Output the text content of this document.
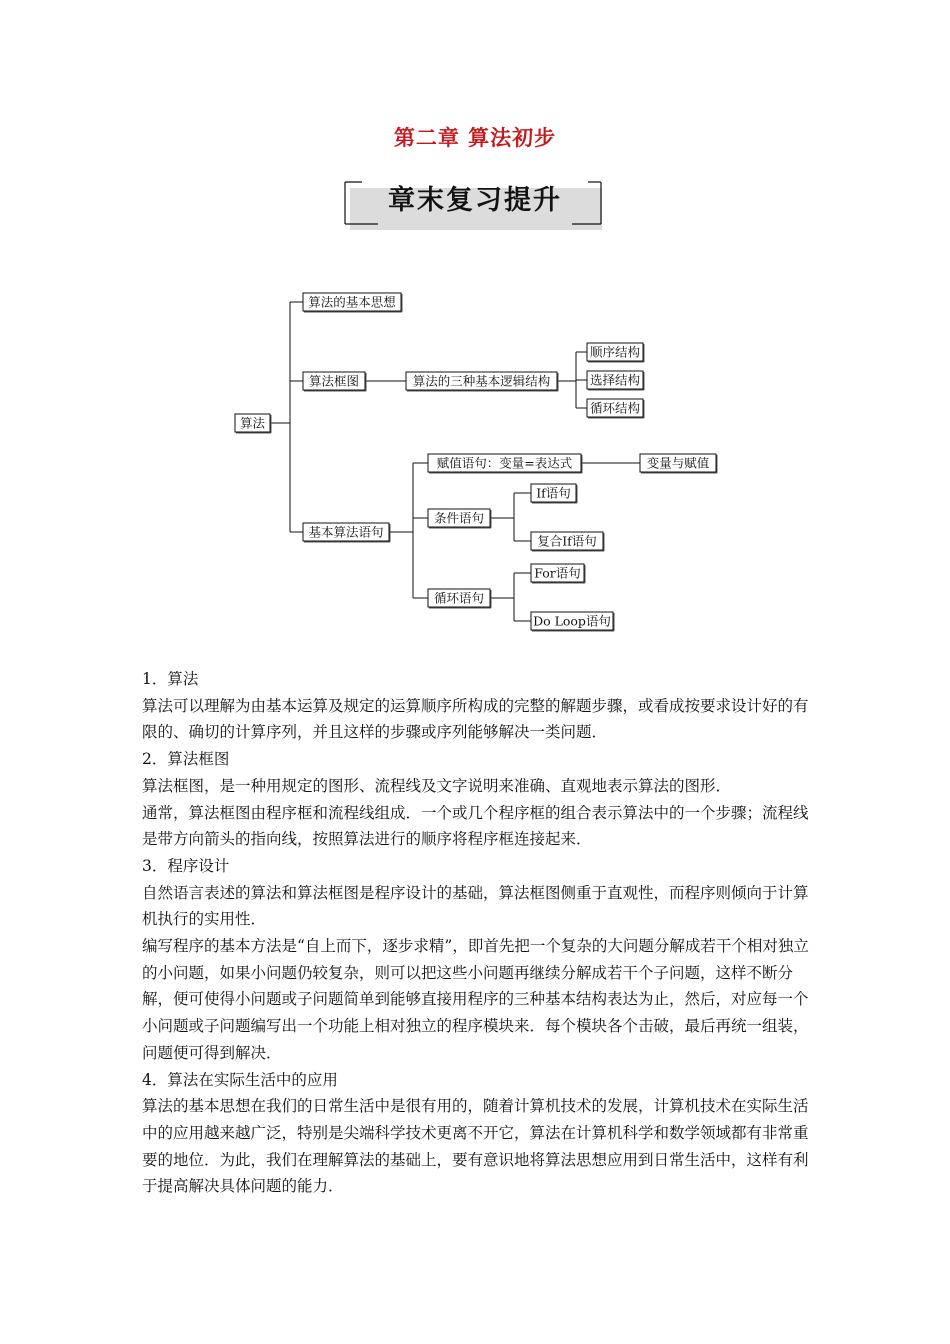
第二章 算法初步
章末复习提升
算法
算法的基本思想
算法框图	算法的三种基本逻辑结构
顺序结构
选择结构
循环结构
基本算法语句
赋值语句：变量=表达式	变量与赋值
条件语句
If语句
复合If语句
循环语句
For语句
Do Loop语句

1．算法

算法可以理解为由基本运算及规定的运算顺序所构成的完整的解题步骤，或看成按要求设计好的有限的、确切的计算序列，并且这样的步骤或序列能够解决一类问题．

2．算法框图

算法框图，是一种用规定的图形、流程线及文字说明来准确、直观地表示算法的图形．

通常，算法框图由程序框和流程线组成．一个或几个程序框的组合表示算法中的一个步骤；流程线是带方向箭头的指向线，按照算法进行的顺序将程序框连接起来．

3．程序设计

自然语言表述的算法和算法框图是程序设计的基础，算法框图侧重于直观性，而程序则倾向于计算机执行的实用性．

编写程序的基本方法是“自上而下，逐步求精”，即首先把一个复杂的大问题分解成若干个相对独立的小问题，如果小问题仍较复杂，则可以把这些小问题再继续分解成若干个子问题，这样不断分解，便可使得小问题或子问题简单到能够直接用程序的三种基本结构表达为止，然后，对应每一个小问题或子问题编写出一个功能上相对独立的程序模块来．每个模块各个击破，最后再统一组装，问题便可得到解决．

4．算法在实际生活中的应用

算法的基本思想在我们的日常生活中是很有用的，随着计算机技术的发展，计算机技术在实际生活中的应用越来越广泛，特别是尖端科学技术更离不开它，算法在计算机科学和数学领域都有非常重要的地位．为此，我们在理解算法的基础上，要有意识地将算法思想应用到日常生活中，这样有利于提高解决具体问题的能力．
